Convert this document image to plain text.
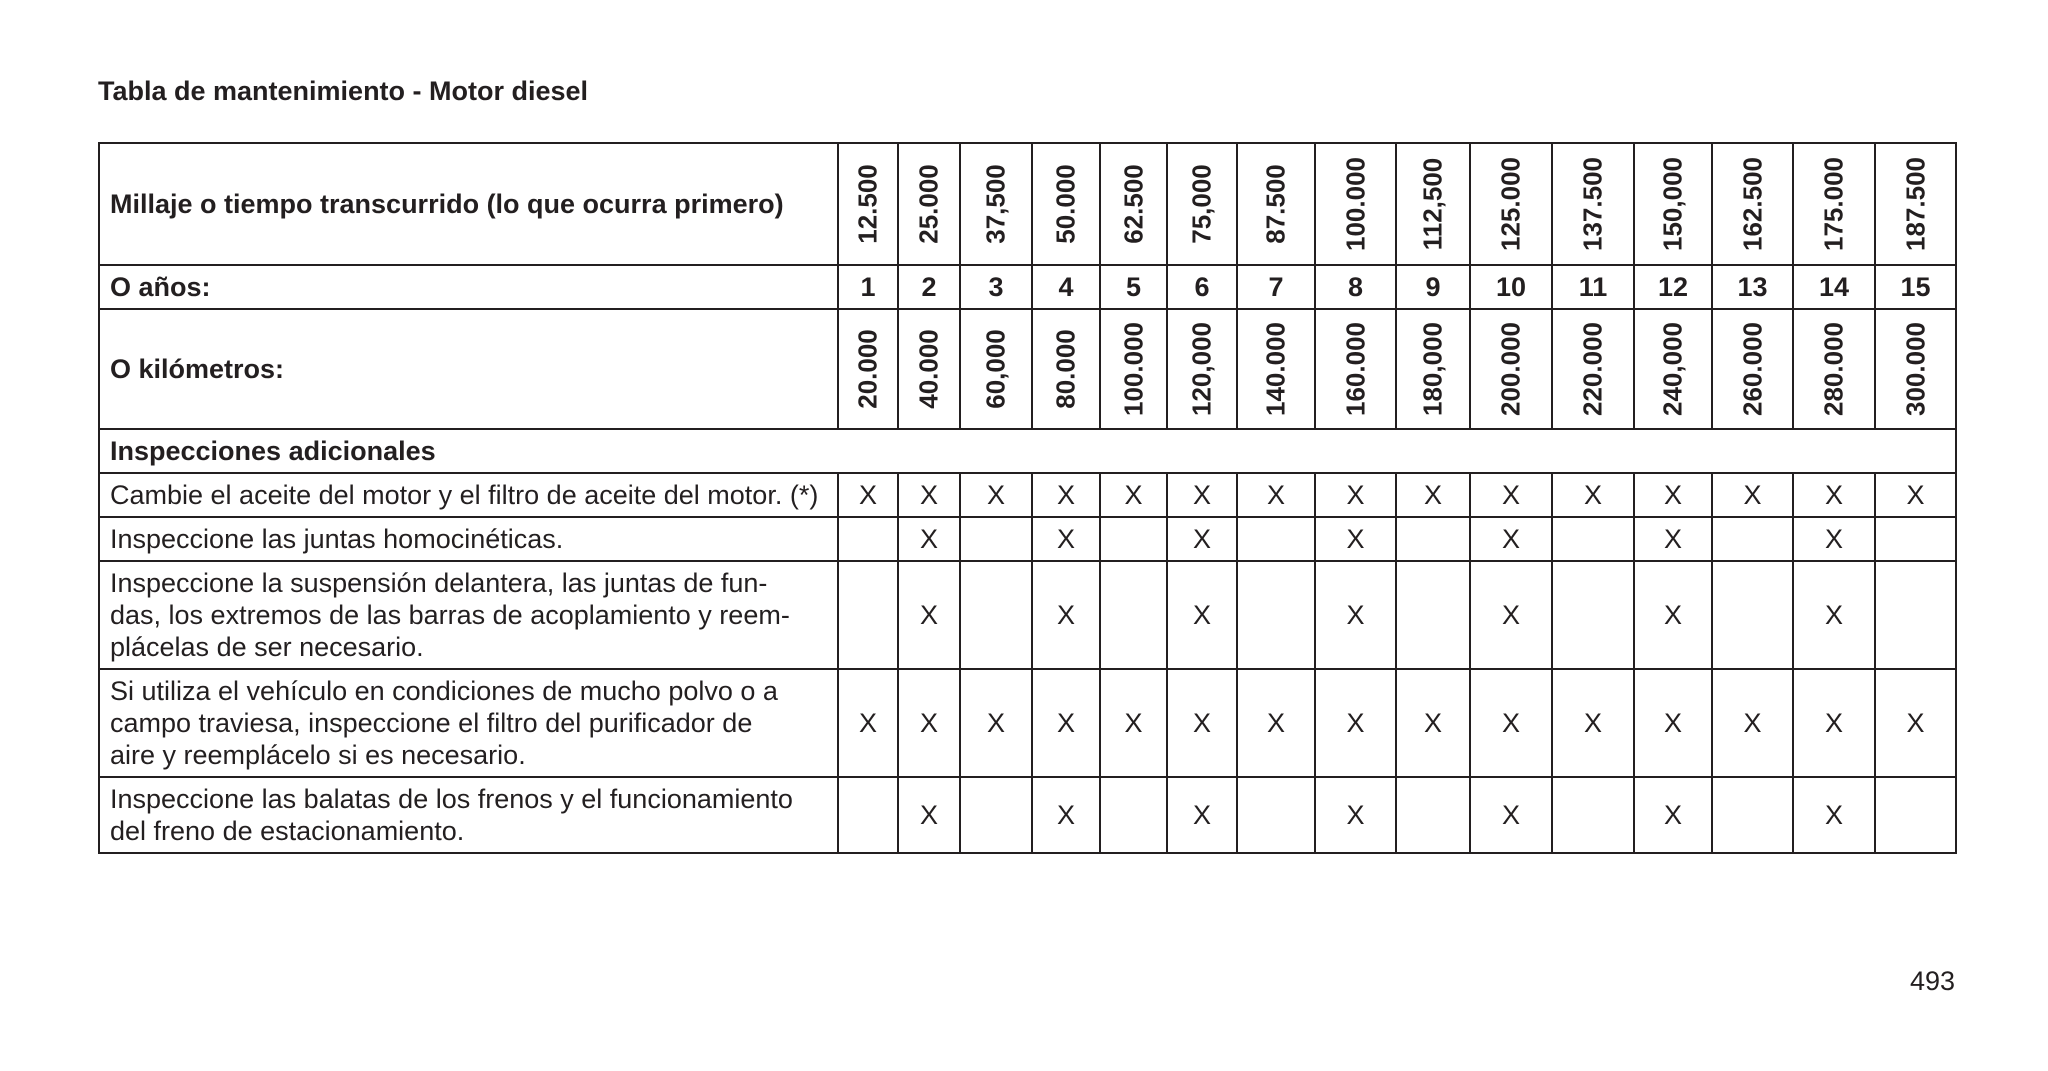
Tabla de mantenimiento - Motor diesel
Millaje o tiempo transcurrido (lo que ocurra primero)	12.500	25.000	37,500	50.000	62.500	75,000	87.500	100.000	112,500	125.000	137.500	150,000	162.500	175.000	187.500

O años:	1	2	3	4	5	6	7	8	9	10	11	12	13	14	15
O kilómetros:	20.000	40.000	60,000	80.000	100.000	120,000	140.000	160.000	180,000	200.000	220.000	240,000	260.000	280.000	300.000

Inspecciones adicionales															

Cambie el aceite del motor y el filtro de aceite del motor. (*)	X	X	X	X	X	X	X	X	X	X	X	X	X	X	X

Inspeccione las juntas homocinéticas.		X		X		X		X		X		X		X	

Inspeccione la suspensión delantera, las juntas de fun-
das, los extremos de las barras de acoplamiento y reem-
plácelas de ser necesario.		X		X		X		X		X		X		X	

Si utiliza el vehículo en condiciones de mucho polvo o a
campo traviesa, inspeccione el filtro del purificador de
aire y reemplácelo si es necesario.	X	X	X	X	X	X	X	X	X	X	X	X	X	X	X

Inspeccione las balatas de los frenos y el funcionamiento
del freno de estacionamiento.		X		X		X		X		X		X		X	
493
